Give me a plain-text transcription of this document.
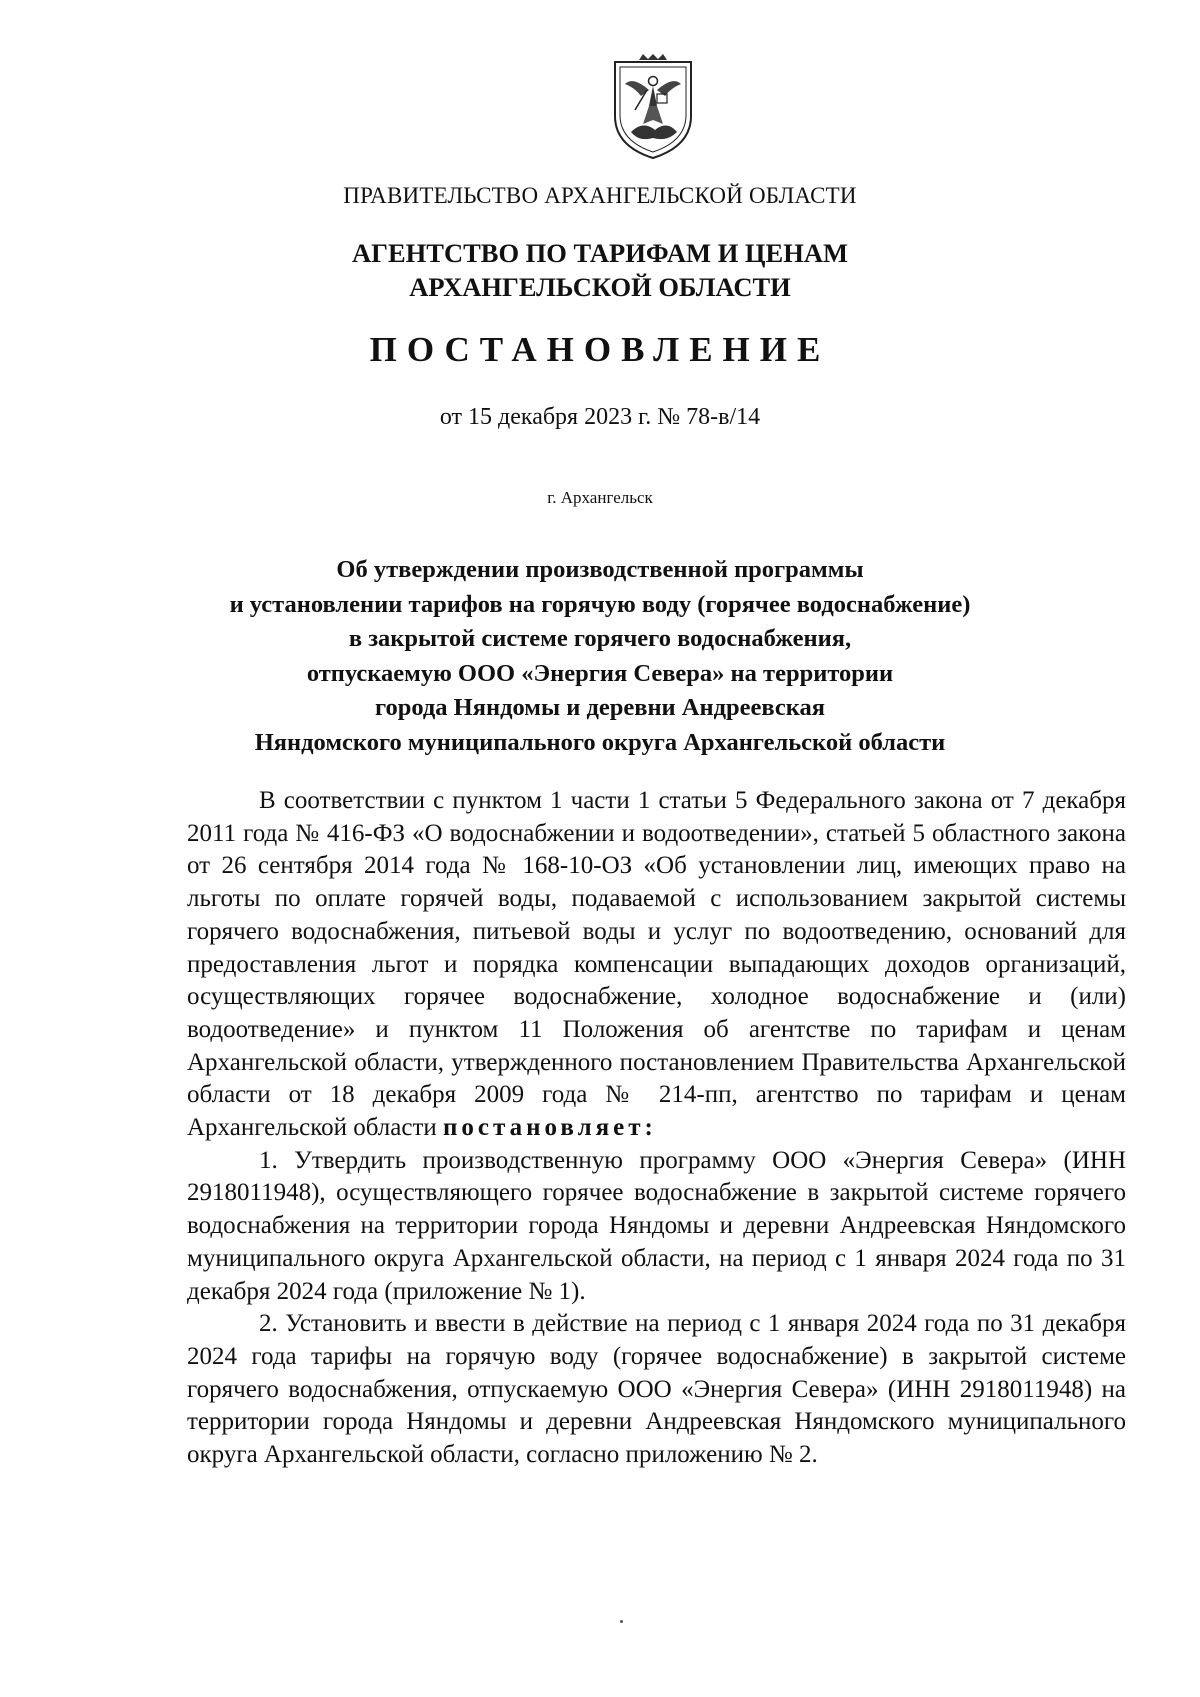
ПРАВИТЕЛЬСТВО АРХАНГЕЛЬСКОЙ ОБЛАСТИ
АГЕНТСТВО ПО ТАРИФАМ И ЦЕНАМ
АРХАНГЕЛЬСКОЙ ОБЛАСТИ
ПОСТАНОВЛЕНИЕ
от 15 декабря 2023 г. № 78-в/14
г. Архангельск
Об утверждении производственной программы
и установлении тарифов на горячую воду (горячее водоснабжение)
в закрытой системе горячего водоснабжения,
отпускаемую ООО «Энергия Севера» на территории
города Няндомы и деревни Андреевская
Няндомского муниципального округа Архангельской области

В соответствии с пунктом 1 части 1 статьи 5 Федерального закона от 7 декабря 2011 года № 416-ФЗ «О водоснабжении и водоотведении», статьей 5 областного закона от 26 сентября 2014 года № 168-10-ОЗ «Об установлении лиц, имеющих право на льготы по оплате горячей воды, подаваемой с использованием закрытой системы горячего водоснабжения, питьевой воды и услуг по водоотведению, оснований для предоставления льгот и порядка компенсации выпадающих доходов организаций, осуществляющих горячее водоснабжение, холодное водоснабжение и (или) водоотведение» и пунктом 11 Положения об агентстве по тарифам и ценам Архангельской области, утвержденного постановлением Правительства Архангельской области от 18 декабря 2009 года № 214-пп, агентство по тарифам и ценам Архангельской области постановляет:

1. Утвердить производственную программу ООО «Энергия Севера» (ИНН 2918011948), осуществляющего горячее водоснабжение в закрытой системе горячего водоснабжения на территории города Няндомы и деревни Андреевская Няндомского муниципального округа Архангельской области, на период с 1 января 2024 года по 31 декабря 2024 года (приложение № 1).

2. Установить и ввести в действие на период с 1 января 2024 года по 31 декабря 2024 года тарифы на горячую воду (горячее водоснабжение) в закрытой системе горячего водоснабжения, отпускаемую ООО «Энергия Севера» (ИНН 2918011948) на территории города Няндомы и деревни Андреевская Няндомского муниципального округа Архангельской области, согласно приложению № 2.
